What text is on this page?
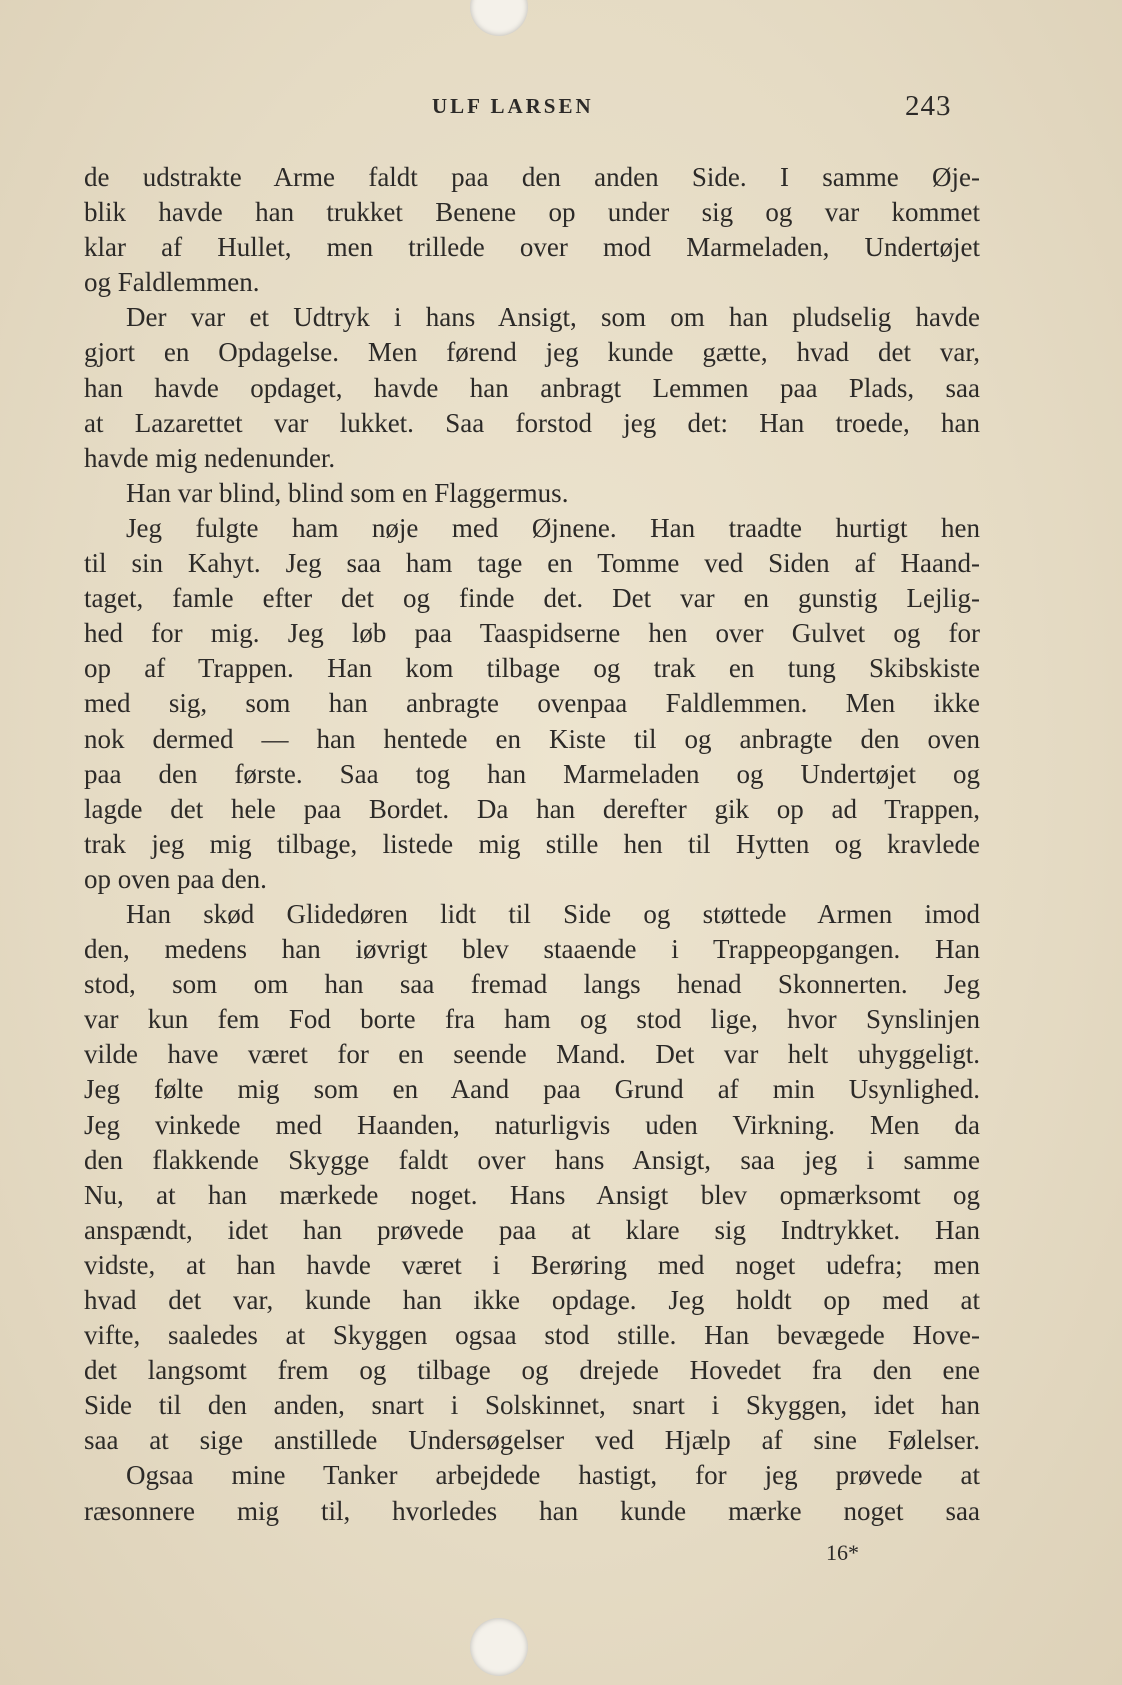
ULF LARSEN	243
de udstrakte Arme faldt paa den anden Side. I samme Øje-
blik havde han trukket Benene op under sig og var kommet
klar af Hullet, men trillede over mod Marmeladen, Undertøjet
og Faldlemmen.
Der var et Udtryk i hans Ansigt, som om han pludselig havde
gjort en Opdagelse. Men førend jeg kunde gætte, hvad det var,
han havde opdaget, havde han anbragt Lemmen paa Plads, saa
at Lazarettet var lukket. Saa forstod jeg det: Han troede, han
havde mig nedenunder.
Han var blind, blind som en Flaggermus.
Jeg fulgte ham nøje med Øjnene. Han traadte hurtigt hen
til sin Kahyt. Jeg saa ham tage en Tomme ved Siden af Haand-
taget, famle efter det og finde det. Det var en gunstig Lejlig-
hed for mig. Jeg løb paa Taaspidserne hen over Gulvet og for
op af Trappen. Han kom tilbage og trak en tung Skibskiste
med sig, som han anbragte ovenpaa Faldlemmen. Men ikke
nok dermed — han hentede en Kiste til og anbragte den oven
paa den første. Saa tog han Marmeladen og Undertøjet og
lagde det hele paa Bordet. Da han derefter gik op ad Trappen,
trak jeg mig tilbage, listede mig stille hen til Hytten og kravlede
op oven paa den.
Han skød Glidedøren lidt til Side og støttede Armen imod
den, medens han iøvrigt blev staaende i Trappeopgangen. Han
stod, som om han saa fremad langs henad Skonnerten. Jeg
var kun fem Fod borte fra ham og stod lige, hvor Synslinjen
vilde have været for en seende Mand. Det var helt uhyggeligt.
Jeg følte mig som en Aand paa Grund af min Usynlighed.
Jeg vinkede med Haanden, naturligvis uden Virkning. Men da
den flakkende Skygge faldt over hans Ansigt, saa jeg i samme
Nu, at han mærkede noget. Hans Ansigt blev opmærksomt og
anspændt, idet han prøvede paa at klare sig Indtrykket. Han
vidste, at han havde været i Berøring med noget udefra; men
hvad det var, kunde han ikke opdage. Jeg holdt op med at
vifte, saaledes at Skyggen ogsaa stod stille. Han bevægede Hove-
det langsomt frem og tilbage og drejede Hovedet fra den ene
Side til den anden, snart i Solskinnet, snart i Skyggen, idet han
saa at sige anstillede Undersøgelser ved Hjælp af sine Følelser.
Ogsaa mine Tanker arbejdede hastigt, for jeg prøvede at
ræsonnere mig til, hvorledes han kunde mærke noget saa
16*
